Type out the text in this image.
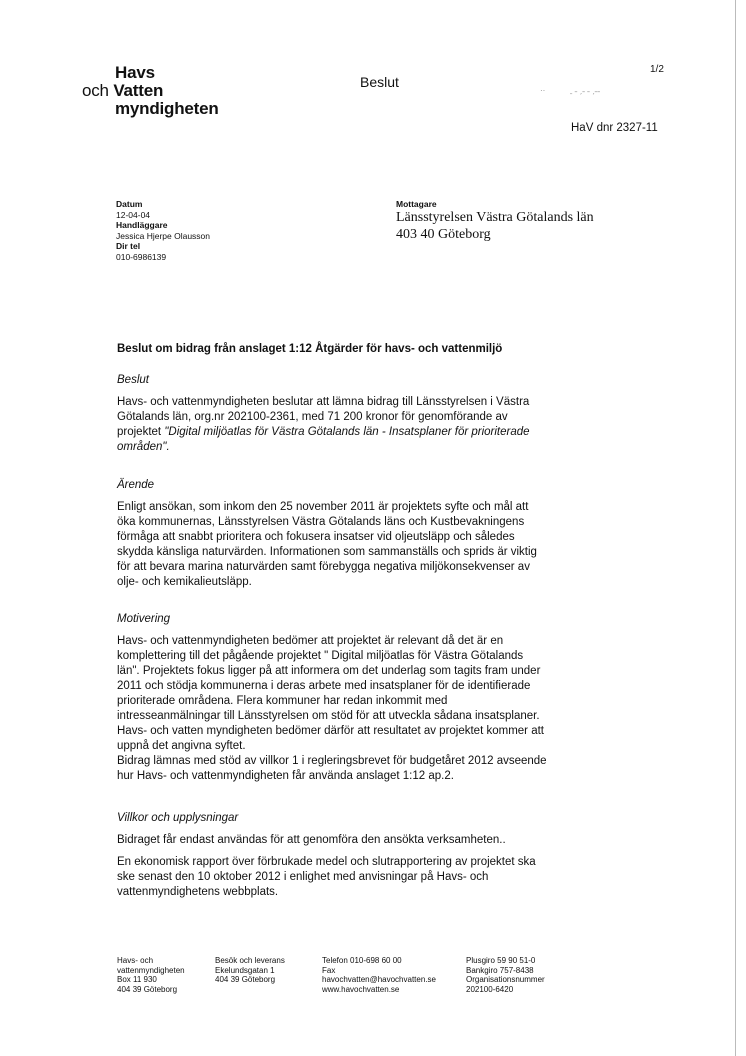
Havs
och Vatten
myndigheten
Beslut
1/2
··           ˍ ˗ ˏ˗ ˗ ˏ˗˗
HaV dnr 2327-11
Datum
12-04-04
Handläggare
Jessica Hjerpe Olausson
Dir tel
010-6986139
Mottagare
Länsstyrelsen Västra Götalands län
403 40 Göteborg
Beslut om bidrag från anslaget 1:12 Åtgärder för havs- och vattenmiljö
Beslut
Havs- och vattenmyndigheten beslutar att lämna bidrag till Länsstyrelsen i Västra Götalands län, org.nr 202100-2361, med 71 200 kronor för genomförande av projektet "Digital miljöatlas för Västra Götalands län - Insatsplaner för prioriterade områden".
Ärende
Enligt ansökan, som inkom den 25 november 2011 är projektets syfte och mål att öka kommunernas, Länsstyrelsen Västra Götalands läns och Kustbevakningens förmåga att snabbt prioritera och fokusera insatser vid oljeutsläpp och således skydda känsliga naturvärden. Informationen som sammanställs och sprids är viktig för att bevara marina naturvärden samt förebygga negativa miljökonsekvenser av olje- och kemikalieutsläpp.
Motivering
Havs- och vattenmyndigheten bedömer att projektet är relevant då det är en komplettering till det pågående projektet " Digital miljöatlas för Västra Götalands län". Projektets fokus ligger på att informera om det underlag som tagits fram under 2011 och stödja kommunerna i deras arbete med insatsplaner för de identifierade prioriterade områdena. Flera kommuner har redan inkommit med intresseanmälningar till Länsstyrelsen om stöd för att utveckla sådana insatsplaner. Havs- och vatten myndigheten bedömer därför att resultatet av projektet kommer att uppnå det angivna syftet.
Bidrag lämnas med stöd av villkor 1 i regleringsbrevet för budgetåret 2012 avseende hur Havs- och vattenmyndigheten får använda anslaget 1:12 ap.2.
Villkor och upplysningar
Bidraget får endast användas för att genomföra den ansökta verksamheten..
En ekonomisk rapport över förbrukade medel och slutrapportering av projektet ska ske senast den 10 oktober 2012 i enlighet med anvisningar på Havs- och vattenmyndighetens webbplats.
Havs- och
vattenmyndigheten
Box 11 930
404 39 Göteborg
Besök och leverans
Ekelundsgatan 1
404 39 Göteborg
Telefon 010-698 60 00
Fax
havochvatten@havochvatten.se
www.havochvatten.se
Plusgiro 59 90 51-0
Bankgiro 757-8438
Organisationsnummer
202100-6420
